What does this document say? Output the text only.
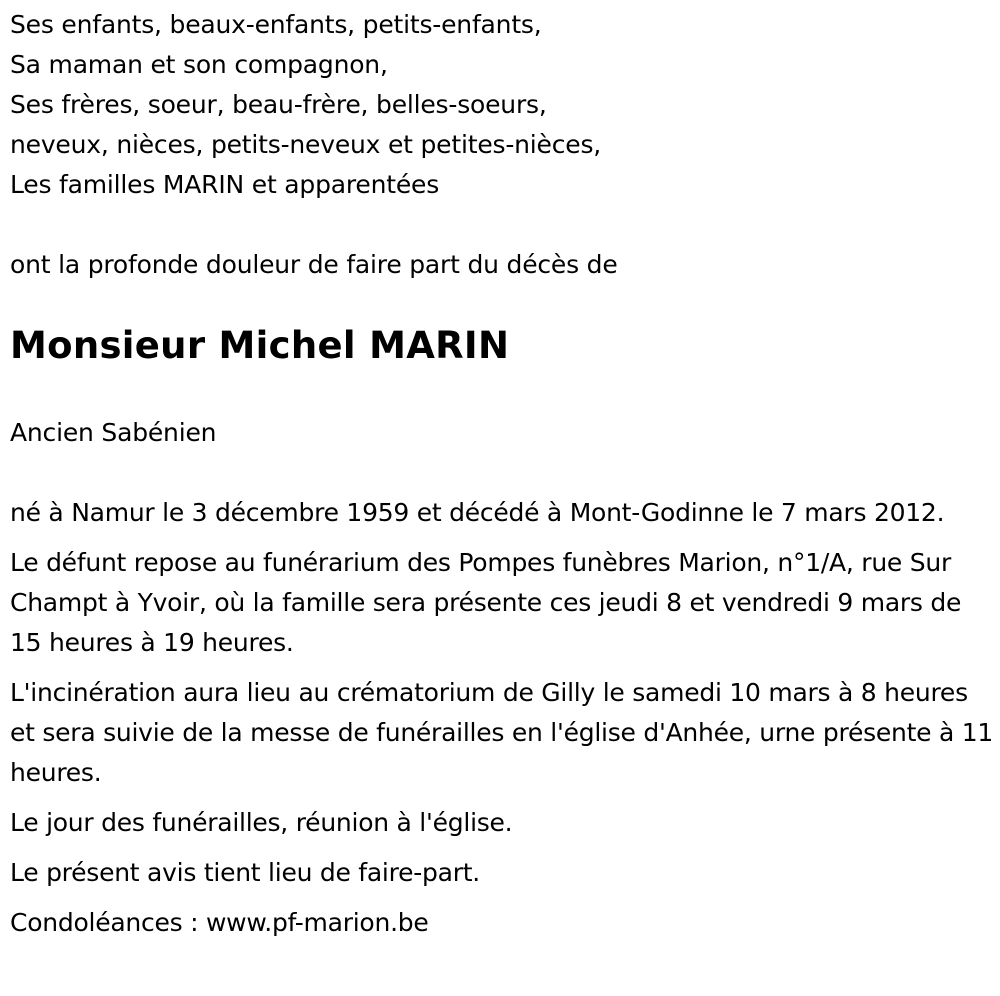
Ses enfants, beaux-enfants, petits-enfants,
Sa maman et son compagnon,
Ses frères, soeur, beau-frère, belles-soeurs,
neveux, nièces, petits-neveux et petites-nièces,
Les familles MARIN et apparentées
ont la profonde douleur de faire part du décès de
Monsieur Michel MARIN
Ancien Sabénien

né à Namur le 3 décembre 1959 et décédé à Mont-Godinne le 7 mars 2012.

Le défunt repose au funérarium des Pompes funèbres Marion, n°1/A, rue Sur Champt à Yvoir, où la famille sera présente ces jeudi 8 et vendredi 9 mars de 15 heures à 19 heures.

L'incinération aura lieu au crématorium de Gilly le samedi 10 mars à 8 heures et sera suivie de la messe de funérailles en l'église d'Anhée, urne présente à 11 heures.

Le jour des funérailles, réunion à l'église.

Le présent avis tient lieu de faire-part.

Condoléances : www.pf-marion.be
